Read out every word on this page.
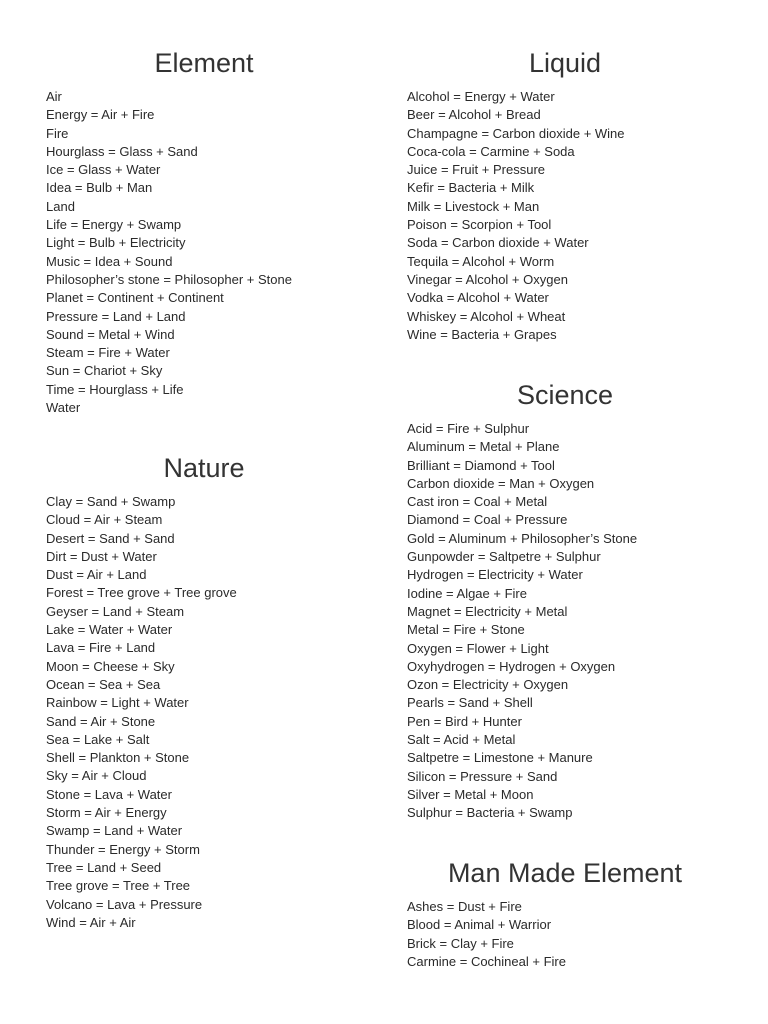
Element
Air
Energy = Air + Fire
Fire
Hourglass = Glass + Sand
Ice = Glass + Water
Idea = Bulb + Man
Land
Life = Energy + Swamp
Light = Bulb + Electricity
Music = Idea + Sound
Philosopher’s stone = Philosopher + Stone
Planet = Continent + Continent
Pressure = Land + Land
Sound = Metal + Wind
Steam = Fire + Water
Sun = Chariot + Sky
Time = Hourglass + Life
Water
Nature
Clay = Sand + Swamp
Cloud = Air + Steam
Desert = Sand + Sand
Dirt = Dust + Water
Dust = Air + Land
Forest = Tree grove + Tree grove
Geyser = Land + Steam
Lake = Water + Water
Lava = Fire + Land
Moon = Cheese + Sky
Ocean = Sea + Sea
Rainbow = Light + Water
Sand = Air + Stone
Sea = Lake + Salt
Shell = Plankton + Stone
Sky = Air + Cloud
Stone = Lava + Water
Storm = Air + Energy
Swamp = Land + Water
Thunder = Energy + Storm
Tree = Land + Seed
Tree grove = Tree + Tree
Volcano = Lava + Pressure
Wind = Air + Air
Liquid
Alcohol = Energy + Water
Beer = Alcohol + Bread
Champagne = Carbon dioxide + Wine
Coca-cola = Carmine + Soda
Juice = Fruit + Pressure
Kefir = Bacteria + Milk
Milk = Livestock + Man
Poison = Scorpion + Tool
Soda = Carbon dioxide + Water
Tequila = Alcohol + Worm
Vinegar = Alcohol + Oxygen
Vodka = Alcohol + Water
Whiskey = Alcohol + Wheat
Wine = Bacteria + Grapes
Science
Acid = Fire + Sulphur
Aluminum = Metal + Plane
Brilliant = Diamond + Tool
Carbon dioxide = Man + Oxygen
Cast iron = Coal + Metal
Diamond = Coal + Pressure
Gold = Aluminum + Philosopher’s Stone
Gunpowder = Saltpetre + Sulphur
Hydrogen = Electricity + Water
Iodine = Algae + Fire
Magnet = Electricity + Metal
Metal = Fire + Stone
Oxygen = Flower + Light
Oxyhydrogen = Hydrogen + Oxygen
Ozon = Electricity + Oxygen
Pearls = Sand + Shell
Pen = Bird + Hunter
Salt = Acid + Metal
Saltpetre = Limestone + Manure
Silicon = Pressure + Sand
Silver = Metal + Moon
Sulphur = Bacteria + Swamp
Man Made Element
Ashes = Dust + Fire
Blood = Animal + Warrior
Brick = Clay + Fire
Carmine = Cochineal + Fire
